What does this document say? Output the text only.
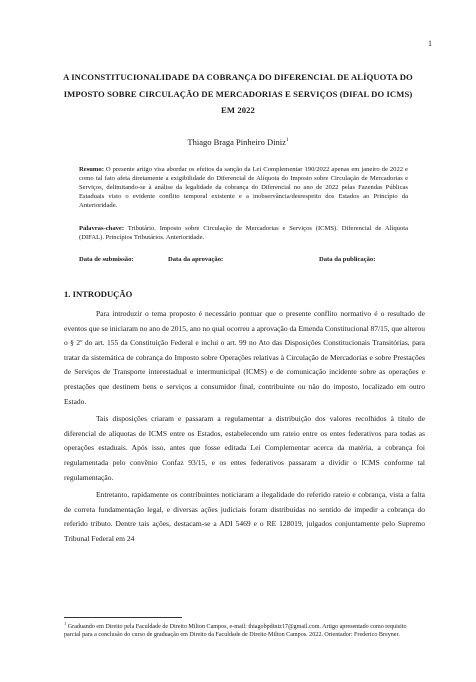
1
A INCONSTITUCIONALIDADE DA COBRANÇA DO DIFERENCIAL DE ALÍQUOTA DO IMPOSTO SOBRE CIRCULAÇÃO DE MERCADORIAS E SERVIÇOS (DIFAL DO ICMS) EM 2022
Thiago Braga Pinheiro Diniz$^1$
Resumo: O presente artigo visa abordar os efeitos da sanção da Lei Complementar 190/2022 apenas em janeiro de 2022 e como tal fato afeta diretamente a exigibilidade do Diferencial de Alíquota do Imposto sobre Circulação de Mercadorias e Serviços, delimitando-se à análise da legalidade da cobrança do Diferencial no ano de 2022 pelas Fazendas Públicas Estaduais visto o evidente conflito temporal existente e a inobservância/desrespeito dos Estados ao Princípio da Anterioridade.
Palavras-chave: Tributário. Imposto sobre Circulação de Mercadorias e Serviços (ICMS). Diferencial de Alíquota (DIFAL). Princípios Tributários. Anterioridade.
Data de submissão:	Data da aprovação:	Data da publicação:
1. INTRODUÇÃO

Para introduzir o tema proposto é necessário pontuar que o presente conflito normativo é o resultado de eventos que se iniciaram no ano de 2015, ano no qual ocorreu a aprovação da Emenda Constitucional 87/15, que alterou o § 2º do art. 155 da Constituição Federal e inclui o art. 99 no Ato das Disposições Constitucionais Transitórias, para tratar da sistemática de cobrança do Imposto sobre Operações relativas à Circulação de Mercadorias e sobre Prestações de Serviços de Transporte interestadual e intermunicipal (ICMS) e de comunicação incidente sobre as operações e prestações que destinem bens e serviços a consumidor final, contribuinte ou não do imposto, localizado em outro Estado.

Tais disposições criaram e passaram a regulamentar a distribuição dos valores recolhidos à título de diferencial de alíquotas de ICMS entre os Estados, estabelecendo um rateio entre os entes federativos para todas as operações estaduais. Após isso, antes que fosse editada Lei Complementar acerca da matéria, a cobrança foi regulamentada pelo convênio Confaz 93/15, e os entes federativos passaram a dividir o ICMS conforme tal regulamentação.

Entretanto, rapidamente os contribuintes noticiaram a ilegalidade do referido rateio e cobrança, vista a falta de correta fundamentação legal, e diversas ações judiciais foram distribuídas no sentido de impedir a cobrança do referido tributo. Dentre tais ações, destacam-se a ADI 5469 e o RE 128019, julgados conjuntamente pelo Supremo Tribunal Federal em 24

$^1$ Graduando em Direito pela Faculdade de Direito Milton Campos, e-mail: thiagobpdiniz17@gmail.com. Artigo apresentado como requisito parcial para a conclusão do curso de graduação em Direito da Faculdade de Direito Milton Campos. 2022. Orientador: Frederico Breyner.
